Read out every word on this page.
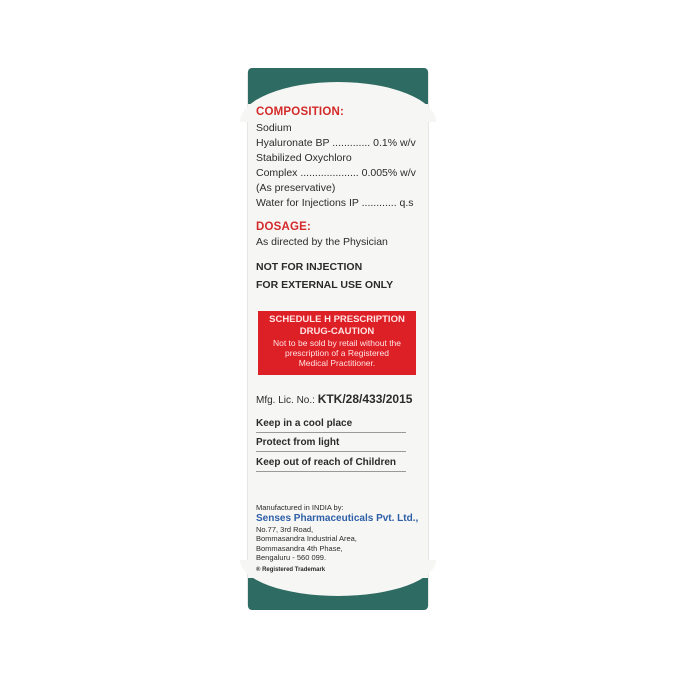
COMPOSITION:
Sodium
Hyaluronate BP ............. 0.1% w/v
Stabilized Oxychloro
Complex .................... 0.005% w/v
(As preservative)
Water for Injections IP ............ q.s
DOSAGE:
As directed by the Physician
NOT FOR INJECTION
FOR EXTERNAL USE ONLY
SCHEDULE H PRESCRIPTION
DRUG-CAUTION
Not to be sold by retail without the
prescription of a Registered
Medical Practitioner.
Mfg. Lic. No.: KTK/28/433/2015
Keep in a cool place
Protect from light
Keep out of reach of Children
Manufactured in INDIA by:
Senses Pharmaceuticals Pvt. Ltd.,
No.77, 3rd Road,
Bommasandra Industrial Area,
Bommasandra 4th Phase,
Bengaluru - 560 099.
® Registered Trademark
